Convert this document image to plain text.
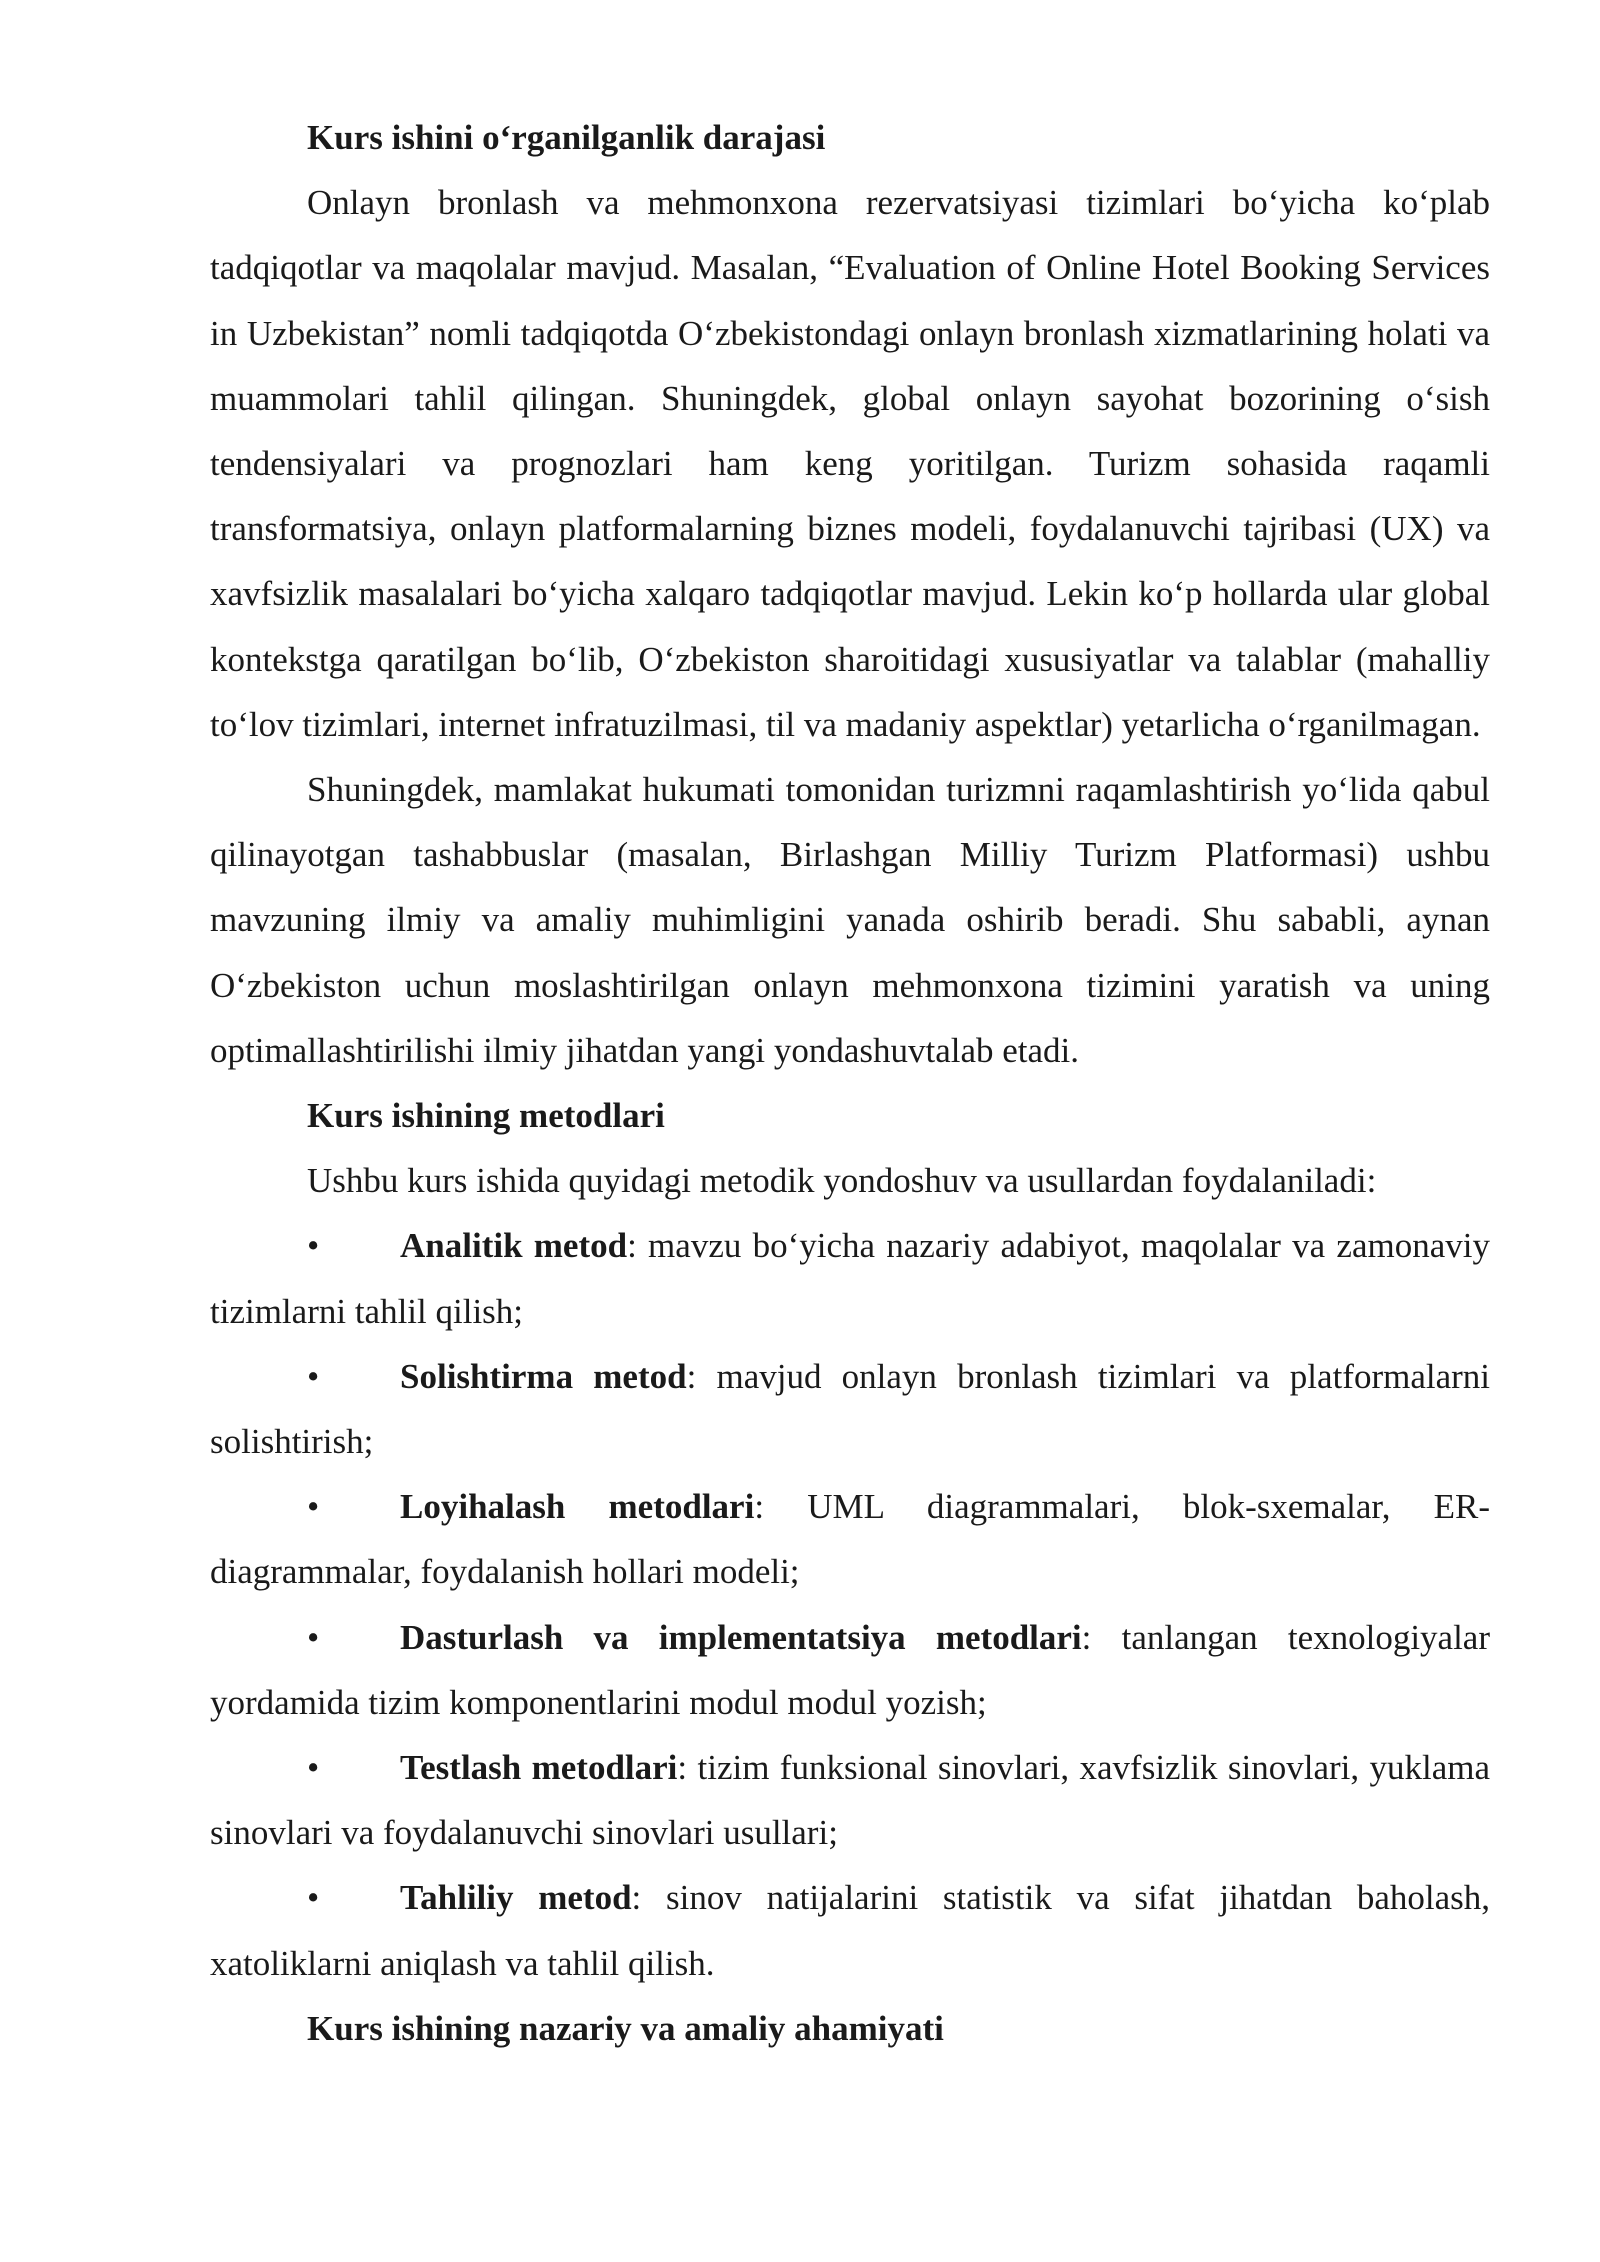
Kurs ishini o‘rganilganlik darajasi

Onlayn bronlash va mehmonxona rezervatsiyasi tizimlari bo‘yicha ko‘plab tadqiqotlar va maqolalar mavjud. Masalan, “Evaluation of Online Hotel Booking Services in Uzbekistan” nomli tadqiqotda O‘zbekistondagi onlayn bronlash xizmatlarining holati va muammolari tahlil qilingan. Shuningdek, global onlayn sayohat bozorining o‘sish tendensiyalari va prognozlari ham keng yoritilgan. Turizm sohasida raqamli transformatsiya, onlayn platformalarning biznes modeli, foydalanuvchi tajribasi (UX) va xavfsizlik masalalari bo‘yicha xalqaro tadqiqotlar mavjud. Lekin ko‘p hollarda ular global kontekstga qaratilgan bo‘lib, O‘zbekiston sharoitidagi xususiyatlar va talablar (mahalliy to‘lov tizimlari, internet infratuzilmasi, til va madaniy aspektlar) yetarlicha o‘rganilmagan.

Shuningdek, mamlakat hukumati tomonidan turizmni raqamlashtirish yo‘lida qabul qilinayotgan tashabbuslar (masalan, Birlashgan Milliy Turizm Platformasi) ushbu mavzuning ilmiy va amaliy muhimligini yanada oshirib beradi. Shu sababli, aynan O‘zbekiston uchun moslashtirilgan onlayn mehmonxona tizimini yaratish va uning optimallashtirilishi ilmiy jihatdan yangi yondashuvtalab etadi.

Kurs ishining metodlari

Ushbu kurs ishida quyidagi metodik yondoshuv va usullardan foydalaniladi:

• Analitik metod: mavzu bo‘yicha nazariy adabiyot, maqolalar va zamonaviy tizimlarni tahlil qilish;
• Solishtirma metod: mavjud onlayn bronlash tizimlari va platformalarni solishtirish;
• Loyihalash metodlari: UML diagrammalari, blok-sxemalar, ER-diagrammalar, foydalanish hollari modeli;
• Dasturlash va implementatsiya metodlari: tanlangan texnologiyalar yordamida tizim komponentlarini modul modul yozish;
• Testlash metodlari: tizim funksional sinovlari, xavfsizlik sinovlari, yuklama sinovlari va foydalanuvchi sinovlari usullari;
• Tahliliy metod: sinov natijalarini statistik va sifat jihatdan baholash, xatoliklarni aniqlash va tahlil qilish.

Kurs ishining nazariy va amaliy ahamiyati
